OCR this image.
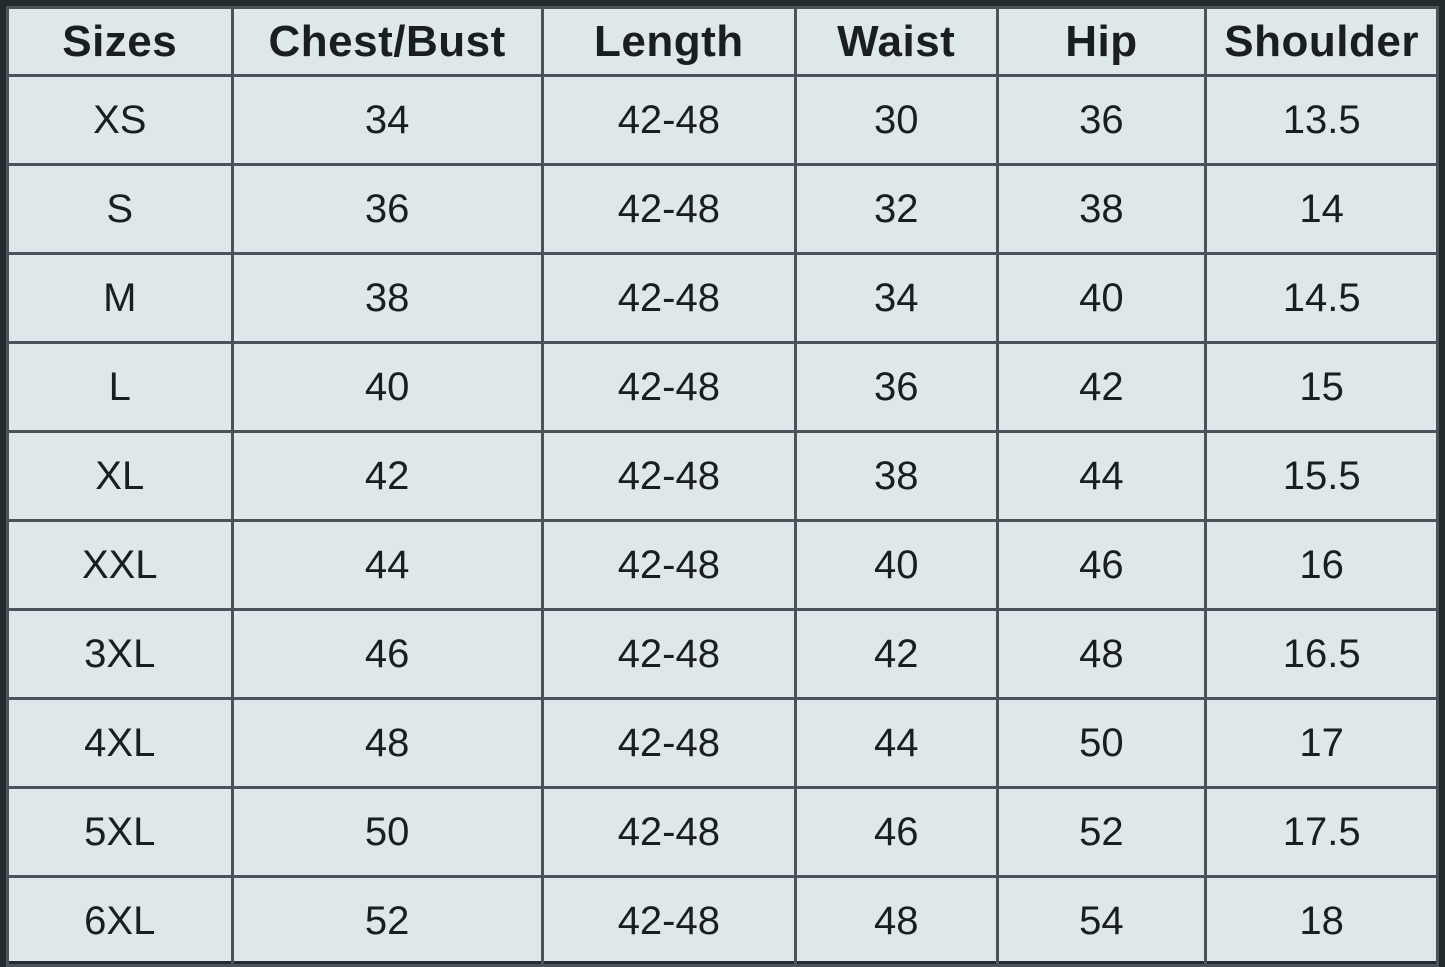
Sizes	Chest/Bust	Length	Waist	Hip	Shoulder
XS	34	42-48	30	36	13.5
S	36	42-48	32	38	14
M	38	42-48	34	40	14.5
L	40	42-48	36	42	15
XL	42	42-48	38	44	15.5
XXL	44	42-48	40	46	16
3XL	46	42-48	42	48	16.5
4XL	48	42-48	44	50	17
5XL	50	42-48	46	52	17.5
6XL	52	42-48	48	54	18
